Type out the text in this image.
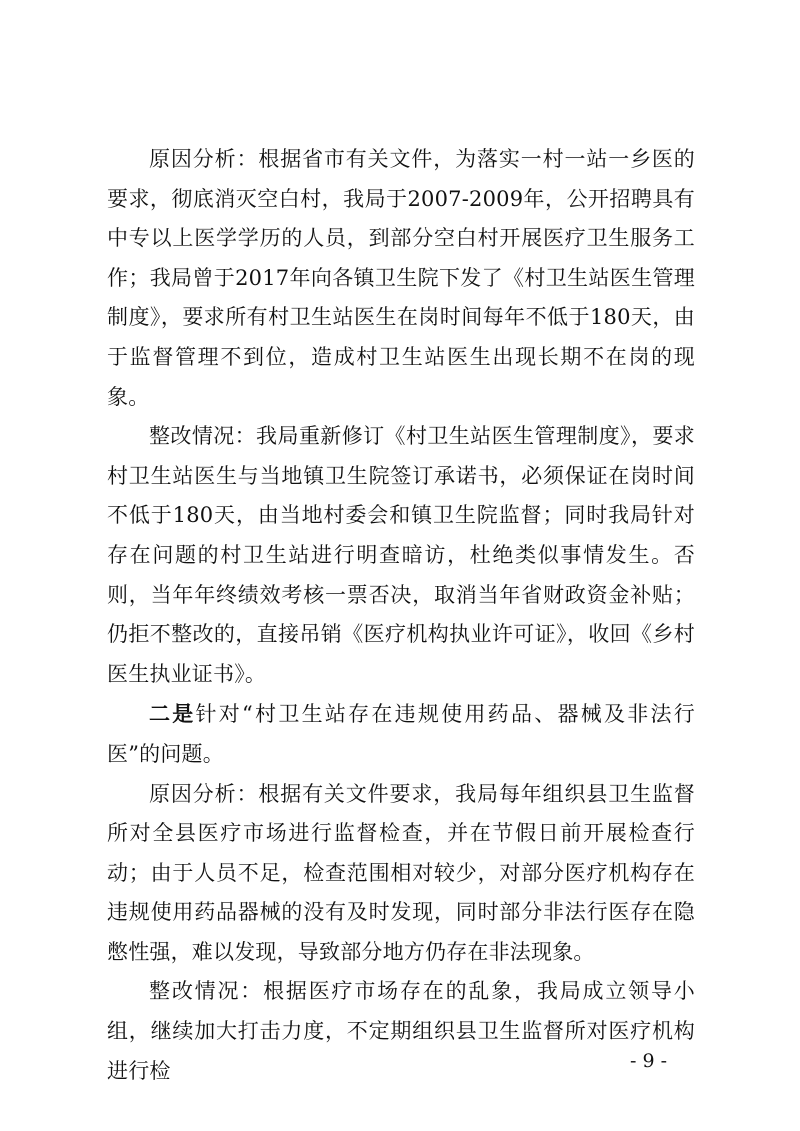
原因分析：根据省市有关文件，为落实一村一站一乡医的要求，彻底消灭空白村，我局于2007-2009年，公开招聘具有中专以上医学学历的人员，到部分空白村开展医疗卫生服务工作；我局曾于2017年向各镇卫生院下发了《村卫生站医生管理制度》，要求所有村卫生站医生在岗时间每年不低于180天，由于监督管理不到位，造成村卫生站医生出现长期不在岗的现象。

整改情况：我局重新修订《村卫生站医生管理制度》，要求村卫生站医生与当地镇卫生院签订承诺书，必须保证在岗时间不低于180天，由当地村委会和镇卫生院监督；同时我局针对存在问题的村卫生站进行明查暗访，杜绝类似事情发生。否则，当年年终绩效考核一票否决，取消当年省财政资金补贴；仍拒不整改的，直接吊销《医疗机构执业许可证》，收回《乡村医生执业证书》。

二是针对“村卫生站存在违规使用药品、器械及非法行医”的问题。

原因分析：根据有关文件要求，我局每年组织县卫生监督所对全县医疗市场进行监督检查，并在节假日前开展检查行动；由于人员不足，检查范围相对较少，对部分医疗机构存在违规使用药品器械的没有及时发现，同时部分非法行医存在隐憋性强，难以发现，导致部分地方仍存在非法现象。

整改情况：根据医疗市场存在的乱象，我局成立领导小组，继续加大打击力度，不定期组织县卫生监督所对医疗机构进行检	- 9 -
